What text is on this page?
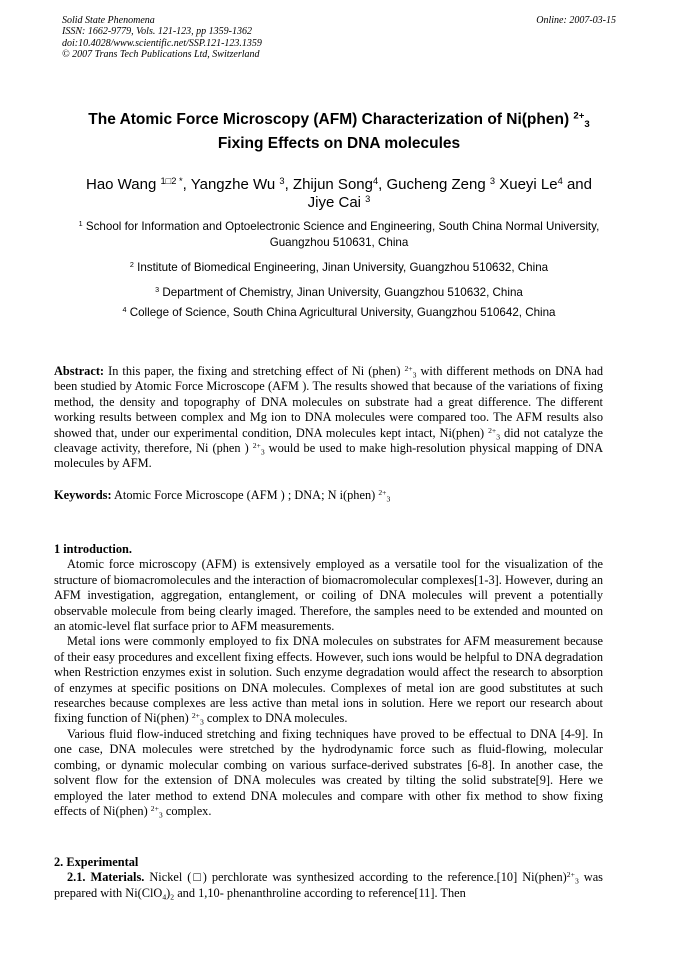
Solid State Phenomena
ISSN: 1662-9779, Vols. 121-123, pp 1359-1362
doi:10.4028/www.scientific.net/SSP.121-123.1359
© 2007 Trans Tech Publications Ltd, Switzerland
Online: 2007-03-15
The Atomic Force Microscopy (AFM) Characterization of Ni(phen) $^{2+}_3$
Fixing Effects on DNA molecules
Hao Wang $^{1□2 *}$, Yangzhe Wu $^3$, Zhijun Song$^4$, Gucheng Zeng $^3$ Xueyi Le$^4$ and
Jiye Cai $^3$
$^1$ School for Information and Optoelectronic Science and Engineering, South China Normal University, Guangzhou 510631, China
$^2$ Institute of Biomedical Engineering, Jinan University, Guangzhou 510632, China
$^3$ Department of Chemistry, Jinan University, Guangzhou 510632, China
$^4$ College of Science, South China Agricultural University, Guangzhou 510642, China
Abstract: In this paper, the fixing and stretching effect of Ni (phen) $^{2+}_3$ with different methods on DNA had been studied by Atomic Force Microscope (AFM ). The results showed that because of the variations of fixing method, the density and topography of DNA molecules on substrate had a great difference. The different working results between complex and Mg ion to DNA molecules were compared too. The AFM results also showed that, under our experimental condition, DNA molecules kept intact, Ni(phen) $^{2+}_3$ did not catalyze the cleavage activity, therefore, Ni (phen ) $^{2+}_3$ would be used to make high-resolution physical mapping of DNA molecules by AFM.
Keywords: Atomic Force Microscope (AFM ) ; DNA; N i(phen) $^{2+}_3$

1 introduction.

Atomic force microscopy (AFM) is extensively employed as a versatile tool for the visualization of the structure of biomacromolecules and the interaction of biomacromolecular complexes[1-3]. However, during an AFM investigation, aggregation, entanglement, or coiling of DNA molecules will prevent a potentially observable molecule from being clearly imaged. Therefore, the samples need to be extended and mounted on an atomic-level flat surface prior to AFM measurements.

Metal ions were commonly employed to fix DNA molecules on substrates for AFM measurement because of their easy procedures and excellent fixing effects. However, such ions would be helpful to DNA degradation when Restriction enzymes exist in solution. Such enzyme degradation would affect the research to absorption of enzymes at specific positions on DNA molecules. Complexes of metal ion are good substitutes at such researches because complexes are less active than metal ions in solution. Here we report our research about fixing function of Ni(phen) $^{2+}_3$ complex to DNA molecules.

Various fluid flow-induced stretching and fixing techniques have proved to be effectual to DNA [4-9]. In one case, DNA molecules were stretched by the hydrodynamic force such as fluid-flowing, molecular combing, or dynamic molecular combing on various surface-derived substrates [6-8]. In another case, the solvent flow for the extension of DNA molecules was created by tilting the solid substrate[9]. Here we employed the later method to extend DNA molecules and compare with other fix method to show fixing effects of Ni(phen) $^{2+}_3$ complex.

2. Experimental

2.1. Materials. Nickel (□) perchlorate was synthesized according to the reference.[10] Ni(phen)$^{2+}_3$ was prepared with $Ni(ClO_4)_2$ and 1,10- phenanthroline according to reference[11]. Then
